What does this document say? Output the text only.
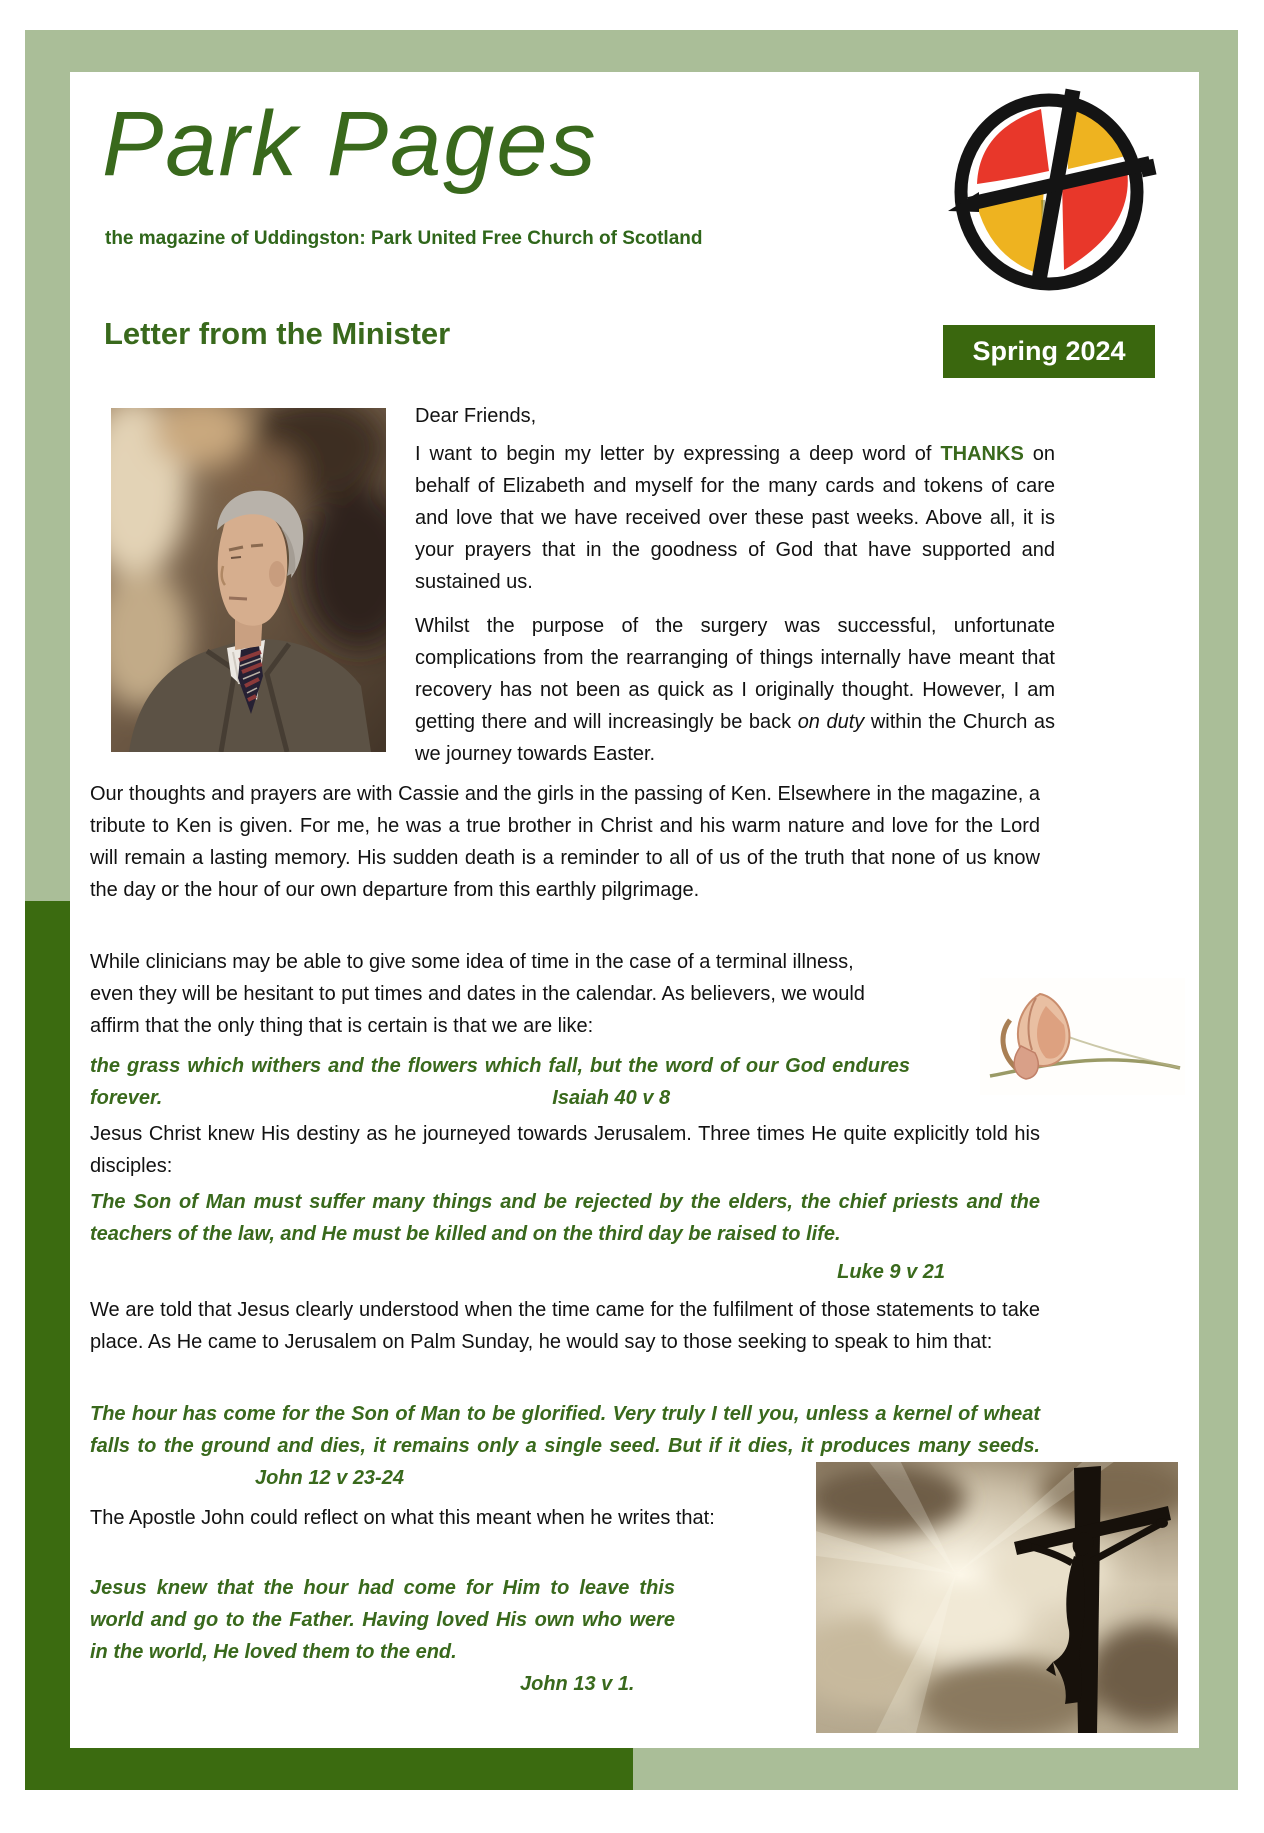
Park Pages
the magazine of Uddingston: Park United Free Church of Scotland
Letter from the Minister	Spring 2024
Dear Friends,
I want to begin my letter by expressing a deep word of THANKS on behalf of Elizabeth and myself for the many cards and tokens of care and love that we have received over these past weeks. Above all, it is your prayers that in the goodness of God that have supported and sustained us.
Whilst the purpose of the surgery was successful, unfortunate complications from the rearranging of things internally have meant that recovery has not been as quick as I originally thought. However, I am getting there and will increasingly be back on duty within the Church as we journey towards Easter.
Our thoughts and prayers are with Cassie and the girls in the passing of Ken. Elsewhere in the magazine, a tribute to Ken is given. For me, he was a true brother in Christ and his warm nature and love for the Lord will remain a lasting memory. His sudden death is a reminder to all of us of the truth that none of us know the day or the hour of our own departure from this earthly pilgrimage.
While clinicians may be able to give some idea of time in the case of a terminal illness, even they will be hesitant to put times and dates in the calendar. As believers, we would affirm that the only thing that is certain is that we are like:
the grass which withers and the flowers which fall, but the word of our God endures forever.	Isaiah 40 v 8
Jesus Christ knew His destiny as he journeyed towards Jerusalem. Three times He quite explicitly told his disciples:
The Son of Man must suffer many things and be rejected by the elders, the chief priests and the teachers of the law, and He must be killed and on the third day be raised to life.
Luke 9 v 21
We are told that Jesus clearly understood when the time came for the fulfilment of those statements to take place. As He came to Jerusalem on Palm Sunday, he would say to those seeking to speak to him that:
The hour has come for the Son of Man to be glorified. Very truly I tell you, unless a kernel of wheat falls to the ground and dies, it remains only a single seed. But if it dies, it produces many seeds.John 12 v 23-24
The Apostle John could reflect on what this meant when he writes that:
Jesus knew that the hour had come for Him to leave this world and go to the Father. Having loved His own who were in the world, He loved them to the end.
John 13 v 1.
